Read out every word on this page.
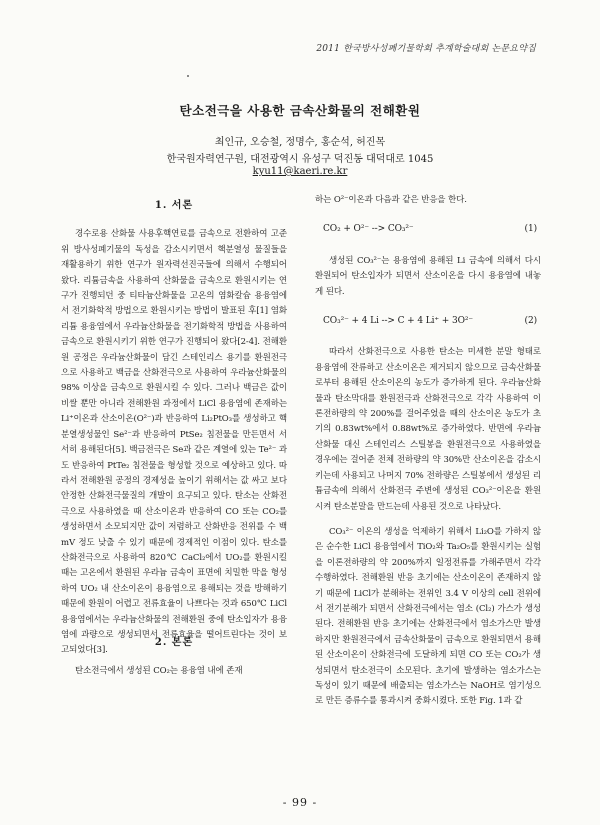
2011 한국방사성폐기물학회 추계학술대회 논문요약집
탄소전극을 사용한 금속산화물의 전해환원
최인규, 오승철, 정명수, 홍순석, 허진목
한국원자력연구원, 대전광역시 유성구 덕진동 대덕대로 1045
kyu11@kaeri.re.kr
1. 서론

경수로용 산화물 사용후핵연료를 금속으로 전환하여 고준위 방사성폐기물의 독성을 감소시키면서 핵분열성 물질들을 재활용하기 위한 연구가 원자력선진국들에 의해서 수행되어 왔다. 리튬금속을 사용하여 산화물을 금속으로 환원시키는 연구가 진행되던 중 티타늄산화물을 고온의 염화칼슘 용융염에서 전기화학적 방법으로 환원시키는 방법이 발표된 후[1] 염화리튬 용융염에서 우라늄산화물을 전기화학적 방법을 사용하여 금속으로 환원시키기 위한 연구가 진행되어 왔다[2-4]. 전해환원 공정은 우라늄산화물이 담긴 스테인리스 용기를 환원전극으로 사용하고 백금을 산화전극으로 사용하여 우라늄산화물의 98% 이상을 금속으로 환원시킬 수 있다. 그러나 백금은 값이 비쌀 뿐만 아니라 전해환원 과정에서 LiCl 용융염에 존재하는 Li⁺이온과 산소이온(O²⁻)과 반응하여 Li₂PtO₃를 생성하고 핵분열생성물인 Se²⁻과 반응하여 PtSe₂ 침전물을 만든면서 서서히 용해된다[5]. 백금전극은 Se과 같은 계열에 있는 Te²⁻ 과도 반응하여 PtTe₂ 침전물을 형성할 것으로 예상하고 있다. 따라서 전해환원 공정의 경제성을 높이기 위해서는 값 싸고 보다 안정한 산화전극물질의 개발이 요구되고 있다. 탄소는 산화전극으로 사용하였을 때 산소이온과 반응하여 CO 또는 CO₂를 생성하면서 소모되지만 값이 저렴하고 산화반응 전위를 수 백 mV 정도 낮출 수 있기 때문에 경제적인 이점이 있다. 탄소를 산화전극으로 사용하여 820℃ CaCl₂에서 UO₂를 환원시킬 때는 고온에서 환원된 우라늄 금속이 표면에 치밀한 막을 형성하여 UO₂ 내 산소이온이 용융염으로 용해되는 것을 방해하기 때문에 환원이 어렵고 전류효율이 나쁘다는 것과 650℃ LiCl 용융염에서는 우라늄산화물의 전해환원 중에 탄소입자가 용융염에 과량으로 생성되면서 전류효율을 떨어트린다는 것이 보고되었다[3].

2. 본론

탄소전극에서 생성된 CO₂는 용융염 내에 존재

하는 O²⁻이온과 다음과 같은 반응을 한다.

CO₂ + O²⁻ --> CO₃²⁻	(1)

생성된 CO₃²⁻는 용융염에 용해된 Li 금속에 의해서 다시 환원되어 탄소입자가 되면서 산소이온을 다시 용융염에 내놓게 된다.

CO₃²⁻ + 4 Li --> C + 4 Li⁺ + 3O²⁻	(2)

따라서 산화전극으로 사용한 탄소는 미세한 분말 형태로 용융염에 잔류하고 산소이온은 제거되지 않으므로 금속산화물로부터 용해된 산소이온의 농도가 증가하게 된다. 우라늄산화물과 탄소막대를 환원전극과 산화전극으로 각각 사용하여 이론전하량의 약 200%를 걸어주었을 때의 산소이온 농도가 초기의 0.83wt%에서 0.88wt%로 증가하였다. 반면에 우라늄산화물 대신 스테인리스 스틸봉을 환원전극으로 사용하였을 경우에는 걸어준 전체 전하량의 약 30%만 산소이온을 감소시키는데 사용되고 나머지 70% 전하량은 스틸봉에서 생성된 리튬금속에 의해서 산화전극 주변에 생성된 CO₃²⁻이온을 환원시켜 탄소분말을 만드는데 사용된 것으로 나타났다.

CO₃²⁻ 이온의 생성을 억제하기 위해서 Li₂O를 가하지 않은 순수한 LiCl 용융염에서 TiO₂와 Ta₂O₅를 환원시키는 실험을 이론전하량의 약 200%까지 일정전류를 가해주면서 각각 수행하였다. 전해환원 반응 초기에는 산소이온이 존재하지 않기 때문에 LiCl가 분해하는 전위인 3.4 V 이상의 cell 전위에서 전기분해가 되면서 산화전극에서는 염소 (Cl₂) 가스가 생성된다. 전해환원 반응 초기에는 산화전극에서 염소가스만 발생하지만 환원전극에서 금속산화물이 금속으로 환원되면서 용해된 산소이온이 산화전극에 도달하게 되면 CO 또는 CO₂가 생성되면서 탄소전극이 소모된다. 초기에 발생하는 염소가스는 독성이 있기 때문에 배출되는 염소가스는 NaOH로 염기성으로 만든 증류수를 통과시켜 중화시켰다. 또한 Fig. 1과 같

- 99 -
